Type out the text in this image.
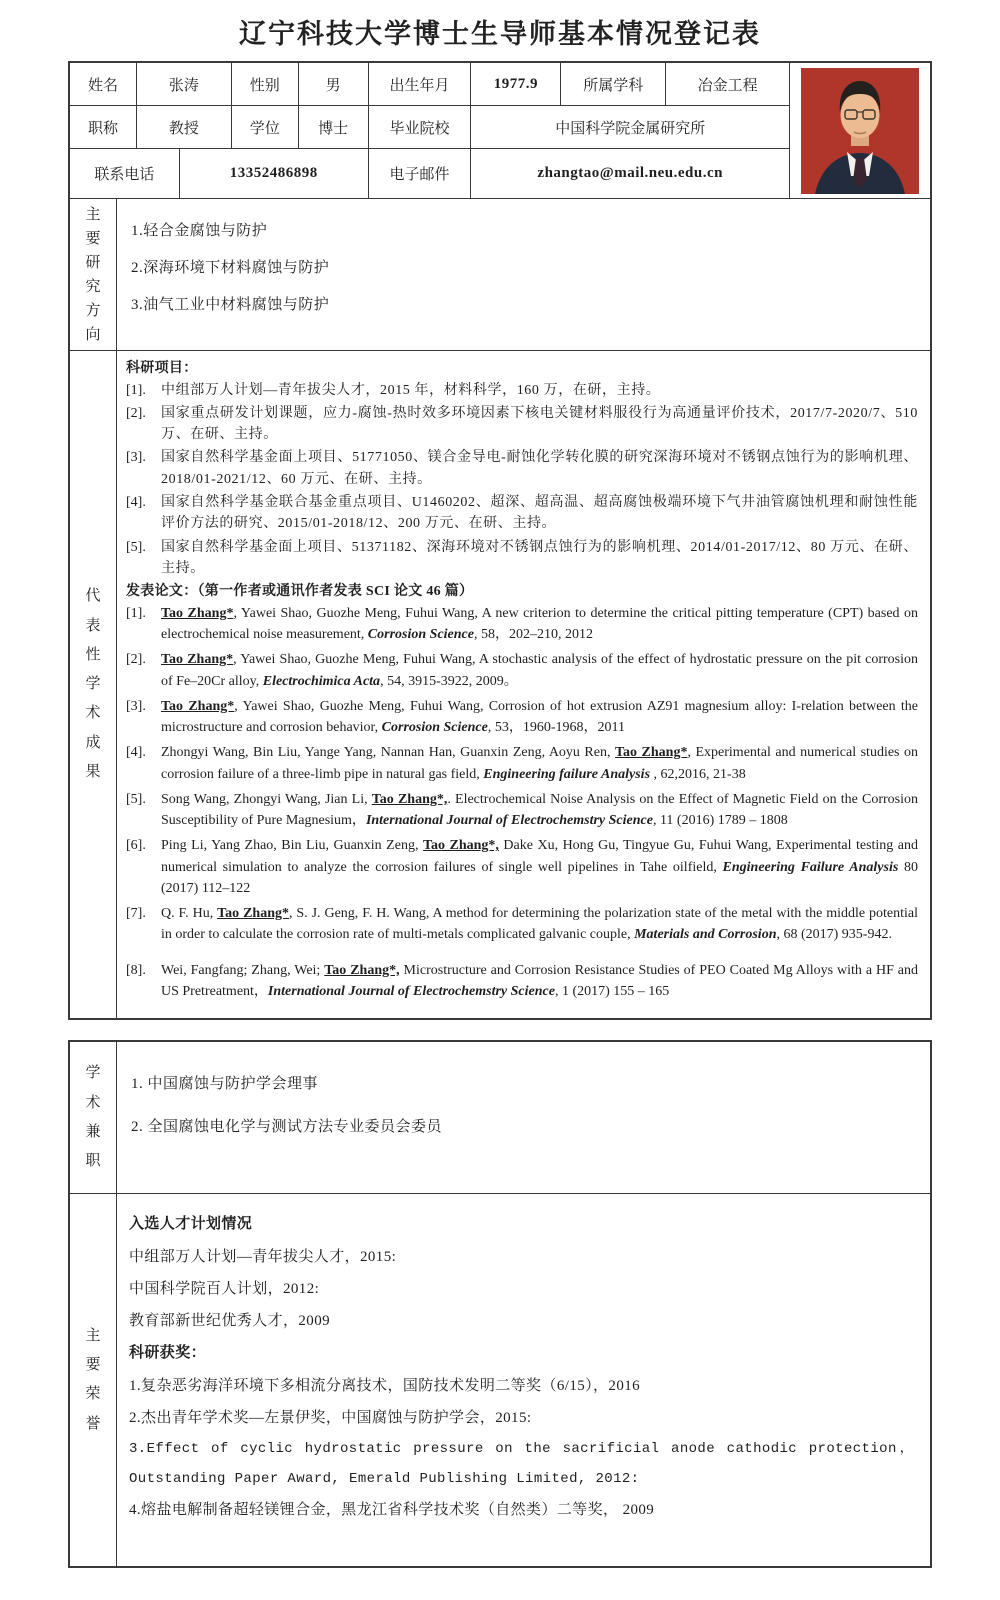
辽宁科技大学博士生导师基本情况登记表
姓名	张涛	性别	男	出生年月	1977.9	所属学科	冶金工程
职称	教授	学位	博士	毕业院校	中国科学院金属研究所
联系电话	13352486898	电子邮件	zhangtao@mail.neu.edu.cn
主要研究方向
1.轻合金腐蚀与防护
2.深海环境下材料腐蚀与防护
3.油气工业中材料腐蚀与防护
代表性学术成果
科研项目：
[1].	中组部万人计划—青年拔尖人才，2015 年，材料科学，160 万，在研，主持。
[2].	国家重点研发计划课题，应力-腐蚀-热时效多环境因素下核电关键材料服役行为高通量评价技术，2017/7-2020/7、510 万、在研、主持。
[3].	国家自然科学基金面上项目、51771050、镁合金导电-耐蚀化学转化膜的研究深海环境对不锈钢点蚀行为的影响机理、2018/01-2021/12、60 万元、在研、主持。
[4].	国家自然科学基金联合基金重点项目、U1460202、超深、超高温、超高腐蚀极端环境下气井油管腐蚀机理和耐蚀性能评价方法的研究、2015/01-2018/12、200 万元、在研、主持。
[5].	国家自然科学基金面上项目、51371182、深海环境对不锈钢点蚀行为的影响机理、2014/01-2017/12、80 万元、在研、主持。
发表论文：（第一作者或通讯作者发表 SCI 论文 46 篇）
[1].	Tao Zhang*, Yawei Shao, Guozhe Meng, Fuhui Wang, A new criterion to determine the critical pitting temperature (CPT) based on electrochemical noise measurement, Corrosion Science, 58，202–210, 2012
[2].	Tao Zhang*, Yawei Shao, Guozhe Meng, Fuhui Wang, A stochastic analysis of the effect of hydrostatic pressure on the pit corrosion of Fe–20Cr alloy, Electrochimica Acta, 54, 3915-3922, 2009。
[3].	Tao Zhang*, Yawei Shao, Guozhe Meng, Fuhui Wang, Corrosion of hot extrusion AZ91 magnesium alloy: I-relation between the microstructure and corrosion behavior, Corrosion Science, 53，1960-1968，2011
[4].	Zhongyi Wang, Bin Liu, Yange Yang, Nannan Han, Guanxin Zeng, Aoyu Ren, Tao Zhang*, Experimental and numerical studies on corrosion failure of a three-limb pipe in natural gas field, Engineering failure Analysis , 62,2016, 21-38
[5].	Song Wang, Zhongyi Wang, Jian Li, Tao Zhang*,. Electrochemical Noise Analysis on the Effect of Magnetic Field on the Corrosion Susceptibility of Pure Magnesium，International Journal of Electrochemstry Science, 11 (2016) 1789 – 1808
[6].	Ping Li, Yang Zhao, Bin Liu, Guanxin Zeng, Tao Zhang*, Dake Xu, Hong Gu, Tingyue Gu, Fuhui Wang, Experimental testing and numerical simulation to analyze the corrosion failures of single well pipelines in Tahe oilfield, Engineering Failure Analysis 80 (2017) 112–122
[7].	Q. F. Hu, Tao Zhang*, S. J. Geng, F. H. Wang, A method for determining the polarization state of the metal with the middle potential in order to calculate the corrosion rate of multi-metals complicated galvanic couple, Materials and Corrosion, 68 (2017) 935-942.
[8].	Wei, Fangfang; Zhang, Wei; Tao Zhang*, Microstructure and Corrosion Resistance Studies of PEO Coated Mg Alloys with a HF and US Pretreatment，International Journal of Electrochemstry Science, 1 (2017) 155 – 165
学术兼职
1. 中国腐蚀与防护学会理事
2. 全国腐蚀电化学与测试方法专业委员会委员
主要荣誉
入选人才计划情况
中组部万人计划—青年拔尖人才，2015:
中国科学院百人计划，2012:
教育部新世纪优秀人才，2009
科研获奖：
1.复杂恶劣海洋环境下多相流分离技术，国防技术发明二等奖（6/15），2016
2.杰出青年学术奖—左景伊奖，中国腐蚀与防护学会，2015:
3.Effect of cyclic hydrostatic pressure on the sacrificial anode cathodic protection，Outstanding Paper Award, Emerald Publishing Limited, 2012:
4.熔盐电解制备超轻镁锂合金，黑龙江省科学技术奖（自然类）二等奖， 2009
